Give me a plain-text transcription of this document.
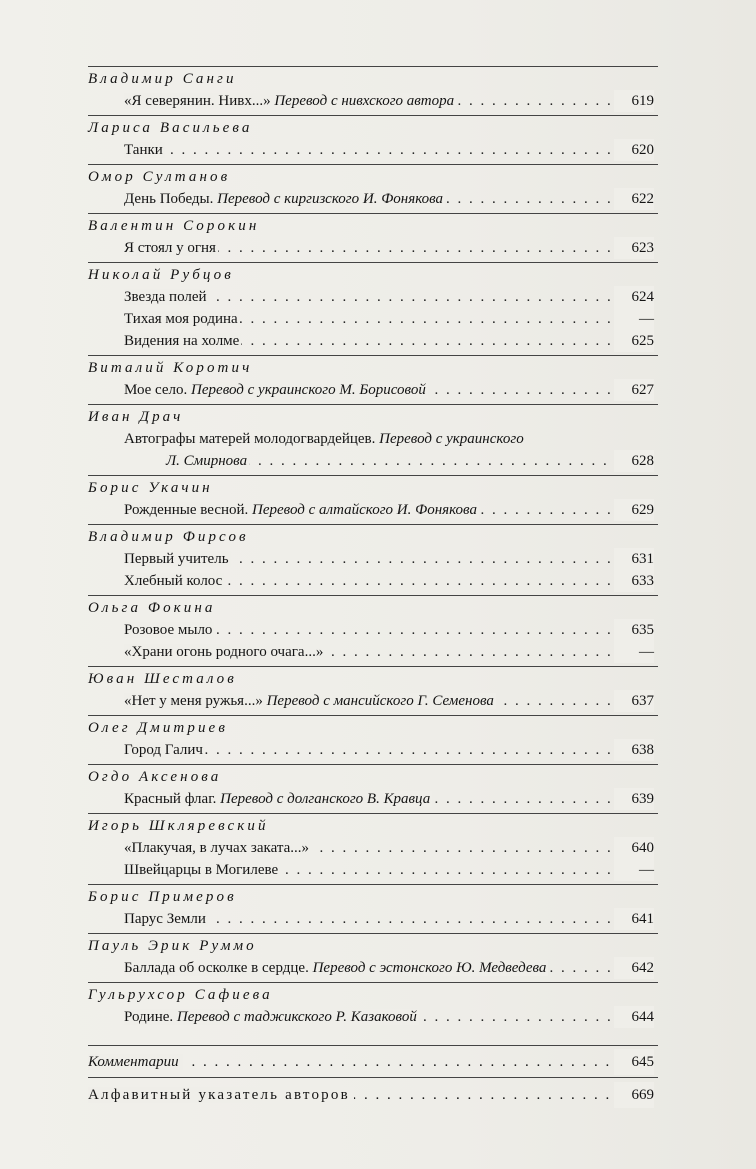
Владимир Санги
. . .
«Я северянин. Нивх...» Перевод с нивхского автора	619
Лариса Васильева
. . .
Танки	620
Омор Султанов
. . .
День Победы. Перевод с киргизского И. Фонякова	622
Валентин Сорокин
. . .
Я стоял у огня	623
Николай Рубцов
. . .
Звезда полей	624
. . .
Тихая моя родина	—
. . .
Видения на холме	625
Виталий Коротич
. . .
Мое село. Перевод с украинского М. Борисовой	627
Иван Драч
Автографы матерей молодогвардейцев. Перевод с украинского
. . .
Л. Смирнова	628
Борис Укачин
. . .
Рожденные весной. Перевод с алтайского И. Фонякова	629
Владимир Фирсов
. . .
Первый учитель	631
. . .
Хлебный колос	633
Ольга Фокина
. . .
Розовое мыло	635
. . .
«Храни огонь родного очага...»	—
Юван Шесталов
. . .
«Нет у меня ружья...» Перевод с мансийского Г. Семенова	637
Олег Дмитриев
. . .
Город Галич	638
Огдо Аксенова
. . .
Красный флаг. Перевод с долганского В. Кравца	639
Игорь Шкляревский
. . .
«Плакучая, в лучах заката...»	640
. . .
Швейцарцы в Могилеве	—
Борис Примеров
. . .
Парус Земли	641
Пауль Эрик Руммо
. . .
Баллада об осколке в сердце. Перевод с эстонского Ю. Медведева	642
Гульрухсор Сафиева
. . .
Родине. Перевод с таджикского Р. Казаковой	644
. . .
Комментарии	645
. . .
Алфавитный указатель авторов	669
